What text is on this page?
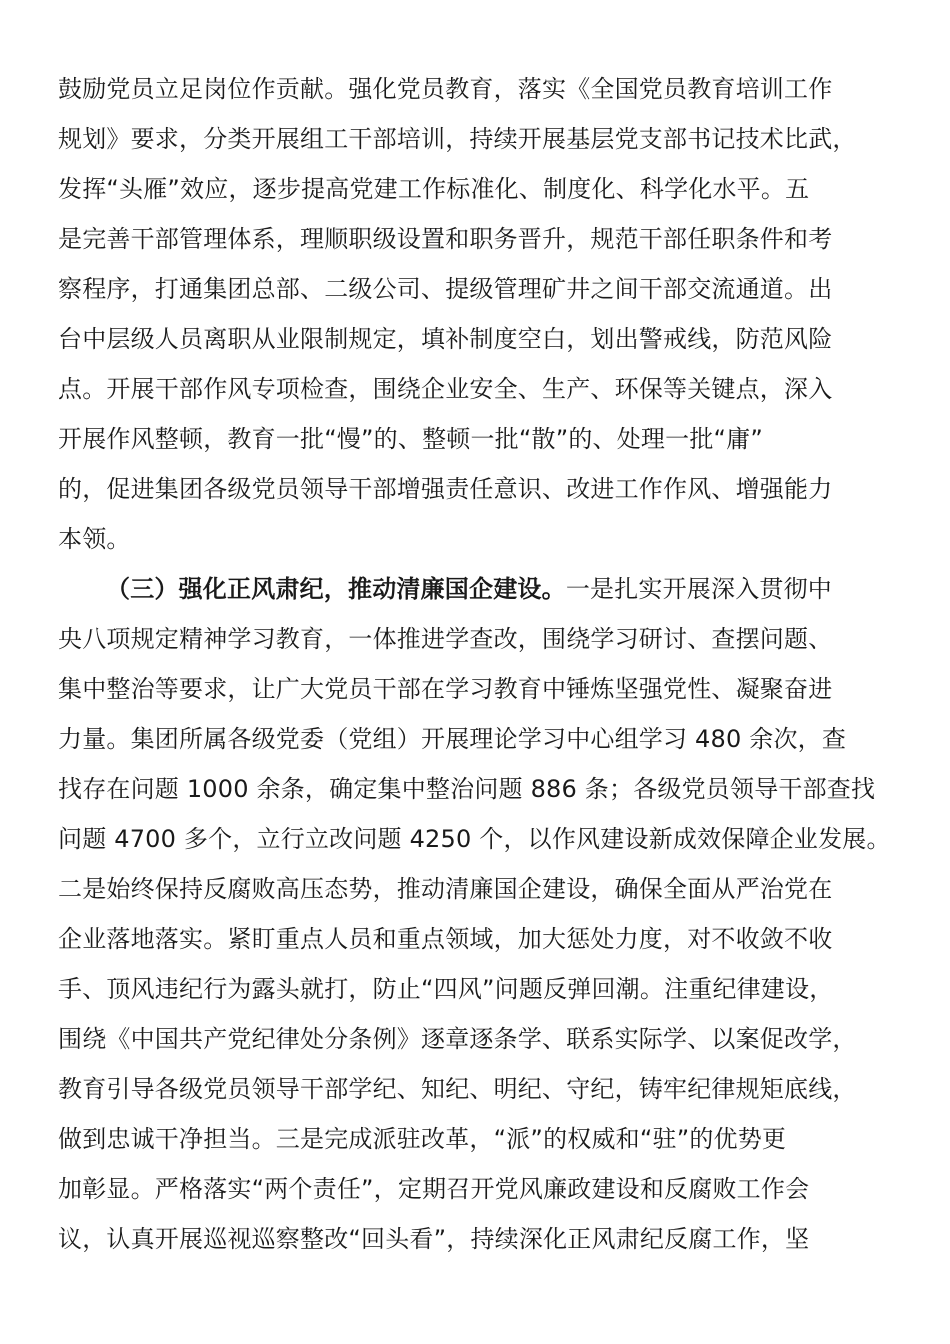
鼓励党员立足岗位作贡献。强化党员教育，落实《全国党员教育培训工作
规划》要求，分类开展组工干部培训，持续开展基层党支部书记技术比武，
发挥“头雁”效应，逐步提高党建工作标准化、制度化、科学化水平。五
是完善干部管理体系，理顺职级设置和职务晋升，规范干部任职条件和考
察程序，打通集团总部、二级公司、提级管理矿井之间干部交流通道。出
台中层级人员离职从业限制规定，填补制度空白，划出警戒线，防范风险
点。开展干部作风专项检查，围绕企业安全、生产、环保等关键点，深入
开展作风整顿，教育一批“慢”的、整顿一批“散”的、处理一批“庸”
的，促进集团各级党员领导干部增强责任意识、改进工作作风、增强能力
本领。
（三）强化正风肃纪，推动清廉国企建设。一是扎实开展深入贯彻中
央八项规定精神学习教育，一体推进学查改，围绕学习研讨、查摆问题、
集中整治等要求，让广大党员干部在学习教育中锤炼坚强党性、凝聚奋进
力量。集团所属各级党委（党组）开展理论学习中心组学习 480 余次，查
找存在问题 1000 余条，确定集中整治问题 886 条；各级党员领导干部查找
问题 4700 多个，立行立改问题 4250 个，以作风建设新成效保障企业发展。
二是始终保持反腐败高压态势，推动清廉国企建设，确保全面从严治党在
企业落地落实。紧盯重点人员和重点领域，加大惩处力度，对不收敛不收
手、顶风违纪行为露头就打，防止“四风”问题反弹回潮。注重纪律建设，
围绕《中国共产党纪律处分条例》逐章逐条学、联系实际学、以案促改学，
教育引导各级党员领导干部学纪、知纪、明纪、守纪，铸牢纪律规矩底线，
做到忠诚干净担当。三是完成派驻改革，“派”的权威和“驻”的优势更
加彰显。严格落实“两个责任”，定期召开党风廉政建设和反腐败工作会
议，认真开展巡视巡察整改“回头看”，持续深化正风肃纪反腐工作，坚
